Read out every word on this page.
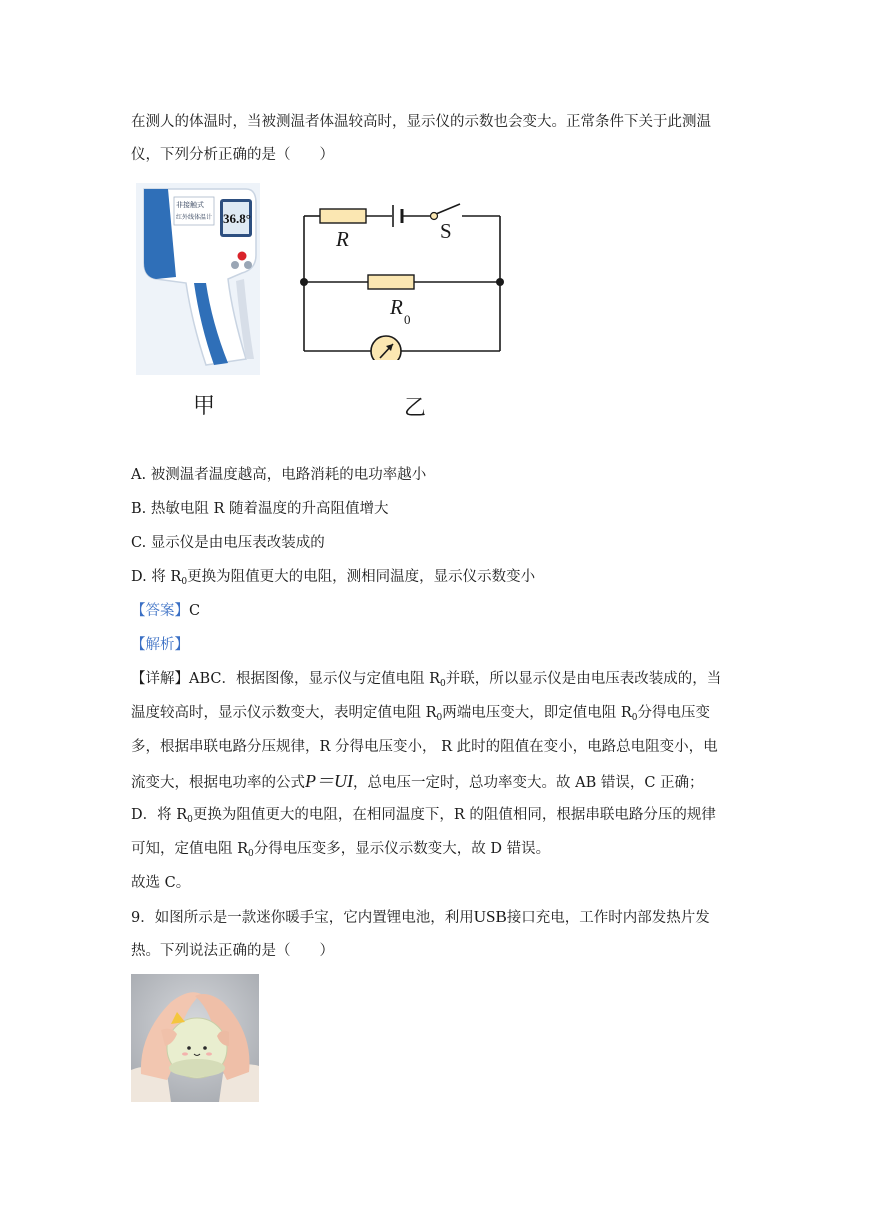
在测人的体温时，当被测温者体温较高时，显示仪的示数也会变大。正常条件下关于此测温
仪，下列分析正确的是（　　）
非接触式
红外线体温计 36.8°
甲
R	S
R
0
乙
A. 被测温者温度越高，电路消耗的电功率越小
B. 热敏电阻 R 随着温度的升高阻值增大
C. 显示仪是由电压表改装成的
D. 将 $R_0$更换为阻值更大的电阻，测相同温度，显示仪示数变小
【答案】C
【解析】
【详解】ABC．根据图像，显示仪与定值电阻 $R_0$并联，所以显示仪是由电压表改装成的，当
温度较高时，显示仪示数变大，表明定值电阻 $R_0$两端电压变大，即定值电阻 $R_0$分得电压变
多，根据串联电路分压规律，R 分得电压变小， R 此时的阻值在变小，电路总电阻变小，电
流变大，根据电功率的公式P＝UI，总电压一定时，总功率变大。故 AB 错误，C 正确；
D．将 $R_0$更换为阻值更大的电阻，在相同温度下，R 的阻值相同，根据串联电路分压的规律
可知，定值电阻 $R_0$分得电压变多，显示仪示数变大，故 D 错误。
故选 C。
9．如图所示是一款迷你暖手宝，它内置锂电池，利用USB接口充电，工作时内部发热片发
热。下列说法正确的是（　　）
